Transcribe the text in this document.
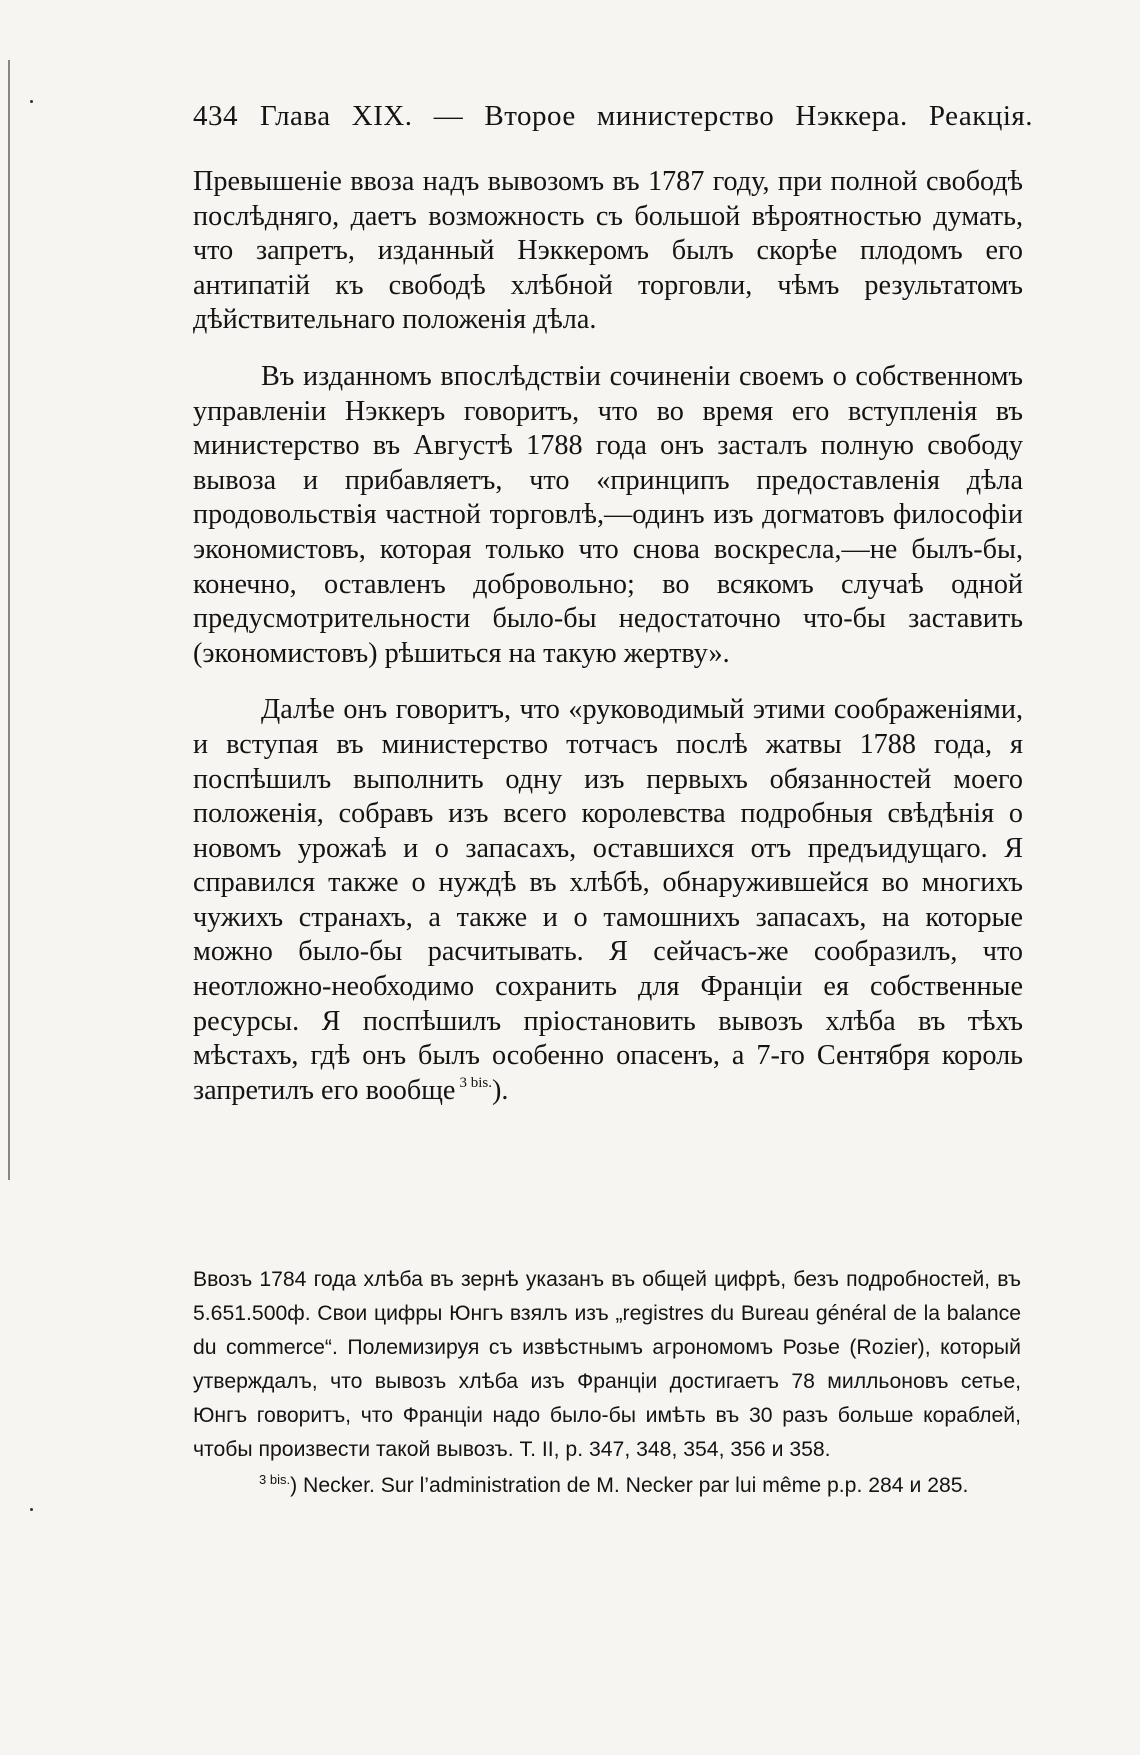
434 Глава XIX. — Второе министерство Нэккера. Реакція.

Превышеніе ввоза надъ вывозомъ въ 1787 году, при полной свободѣ послѣдняго, даетъ возможность съ большой вѣроятностью думать, что запретъ, изданный Нэккеромъ былъ скорѣе плодомъ его антипатій къ свободѣ хлѣбной торговли, чѣмъ результатомъ дѣйствительнаго положенія дѣла.

Въ изданномъ впослѣдствіи сочиненіи своемъ о собственномъ управленіи Нэккеръ говоритъ, что во время его вступленія въ министерство въ Августѣ 1788 года онъ засталъ полную свободу вывоза и прибавляетъ, что «принципъ предоставленія дѣла продовольствія частной торговлѣ,—одинъ изъ догматовъ философіи экономистовъ, которая только что снова воскресла,—не былъ-бы, конечно, оставленъ добровольно; во всякомъ случаѣ одной предусмотрительности было-бы недостаточно что-бы заставить (экономистовъ) рѣшиться на такую жертву».

Далѣе онъ говоритъ, что «руководимый этими соображеніями, и вступая въ министерство тотчасъ послѣ жатвы 1788 года, я поспѣшилъ выполнить одну изъ первыхъ обязанностей моего положенія, собравъ изъ всего королевства подробныя свѣдѣнія о новомъ урожаѣ и о запасахъ, оставшихся отъ предъидущаго. Я справился также о нуждѣ въ хлѣбѣ, обнаружившейся во многихъ чужихъ странахъ, а также и о тамошнихъ запасахъ, на которые можно было-бы расчитывать. Я сейчасъ-же сообразилъ, что неотложно-необходимо сохранить для Франціи ея собственные ресурсы. Я поспѣшилъ пріостановить вывозъ хлѣба въ тѣхъ мѣстахъ, гдѣ онъ былъ особенно опасенъ, а 7-го Сентября король запретилъ его вообще $^{3 bis.}$).

Ввозъ 1784 года хлѣба въ зернѣ указанъ въ общей цифрѣ, безъ подробностей, въ 5.651.500ф. Свои цифры Юнгъ взялъ изъ „registres du Bureau général de la balance du commerce“. Полемизируя съ извѣстнымъ агрономомъ Розье (Rozier), который утверждалъ, что вывозъ хлѣба изъ Франціи достигаетъ 78 милльоновъ сетье, Юнгъ говоритъ, что Франціи надо было-бы имѣть въ 30 разъ больше кораблей, чтобы произвести такой вывозъ. Т. II, p. 347, 348, 354, 356 и 358.

$^{3 bis.}$) Necker. Sur l’administration de M. Necker par lui même p.p. 284 и 285.
